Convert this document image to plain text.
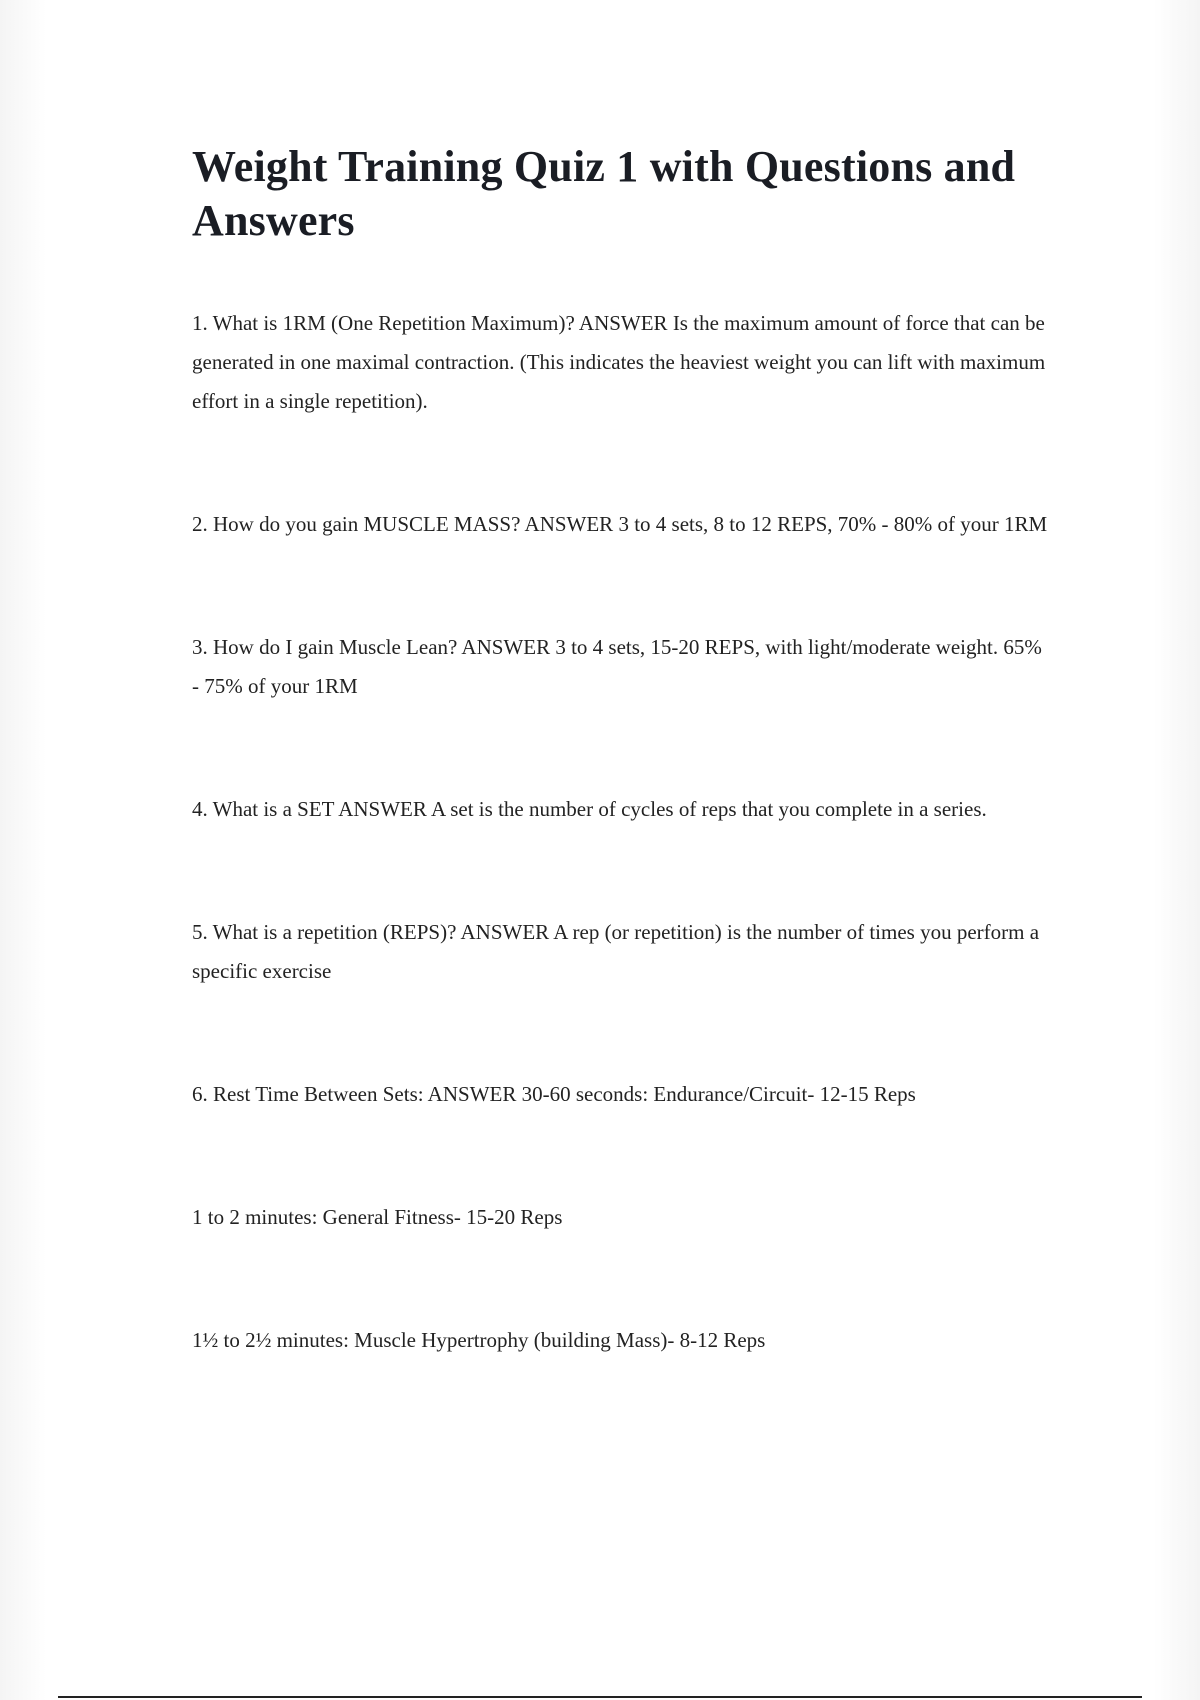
Weight Training Quiz 1 with Questions and Answers

1. What is 1RM (One Repetition Maximum)? ANSWER Is the maximum amount of force that can be generated in one maximal contraction. (This indicates the heaviest weight you can lift with maximum effort in a single repetition).

2. How do you gain MUSCLE MASS? ANSWER 3 to 4 sets, 8 to 12 REPS, 70% - 80% of your 1RM

3. How do I gain Muscle Lean? ANSWER 3 to 4 sets, 15-20 REPS, with light/moderate weight. 65% - 75% of your 1RM

4. What is a SET ANSWER A set is the number of cycles of reps that you complete in a series.

5. What is a repetition (REPS)? ANSWER A rep (or repetition) is the number of times you perform a specific exercise

6. Rest Time Between Sets: ANSWER 30-60 seconds: Endurance/Circuit- 12-15 Reps

1 to 2 minutes: General Fitness- 15-20 Reps

1½ to 2½ minutes: Muscle Hypertrophy (building Mass)- 8-12 Reps
